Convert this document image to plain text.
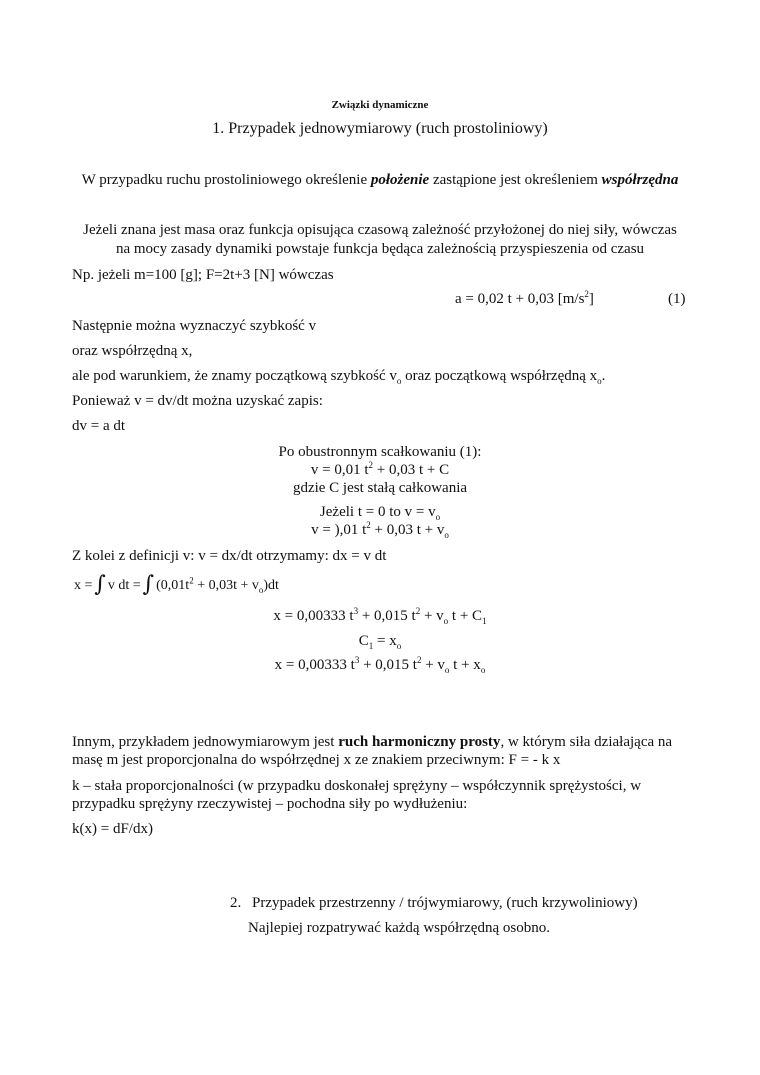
Związki dynamiczne
1. Przypadek jednowymiarowy (ruch prostoliniowy)
W przypadku ruchu prostoliniowego określenie położenie zastąpione jest określeniem współrzędna
Jeżeli znana jest masa oraz funkcja opisująca czasową zależność przyłożonej do niej siły, wówczas
na mocy zasady dynamiki powstaje funkcja będąca zależnością przyspieszenia od czasu
Np. jeżeli m=100 [g]; F=2t+3 [N] wówczas
a = 0,02 t + 0,03 $[m/s^2]$	(1)
Następnie można wyznaczyć szybkość v
oraz współrzędną x,
ale pod warunkiem, że znamy początkową szybkość $v_o$ oraz początkową współrzędną $x_o$.
Ponieważ v = dv/dt można uzyskać zapis:
dv = a dt
Po obustronnym scałkowaniu (1):
v = 0,01 $t^2 + 0,03$ t + C
gdzie C jest stałą całkowania
Jeżeli t = 0 to $v = v_o$
v = ),01 $t^2 + 0,03$ $t + v_o$
Z kolei z definicji v: v = dx/dt otrzymamy: dx = v dt
x =∫ v dt =∫ $(0,01t^2 + 0,03t + v_o)dt$
x = 0,00333 $t^3 + 0,015$ $t^2 + v_o$ $t + C_1$
$C_1 = x_o$
x = 0,00333 $t^3 + 0,015$ $t^2 + v_o$ $t + x_o$
Innym, przykładem jednowymiarowym jest ruch harmoniczny prosty, w którym siła działająca na
masę m jest proporcjonalna do współrzędnej x ze znakiem przeciwnym: F = - k x
k – stała proporcjonalności (w przypadku doskonałej sprężyny – współczynnik sprężystości, w
przypadku sprężyny rzeczywistej – pochodna siły po wydłużeniu:
k(x) = dF/dx)
2. Przypadek przestrzenny / trójwymiarowy, (ruch krzywoliniowy)
Najlepiej rozpatrywać każdą współrzędną osobno.
